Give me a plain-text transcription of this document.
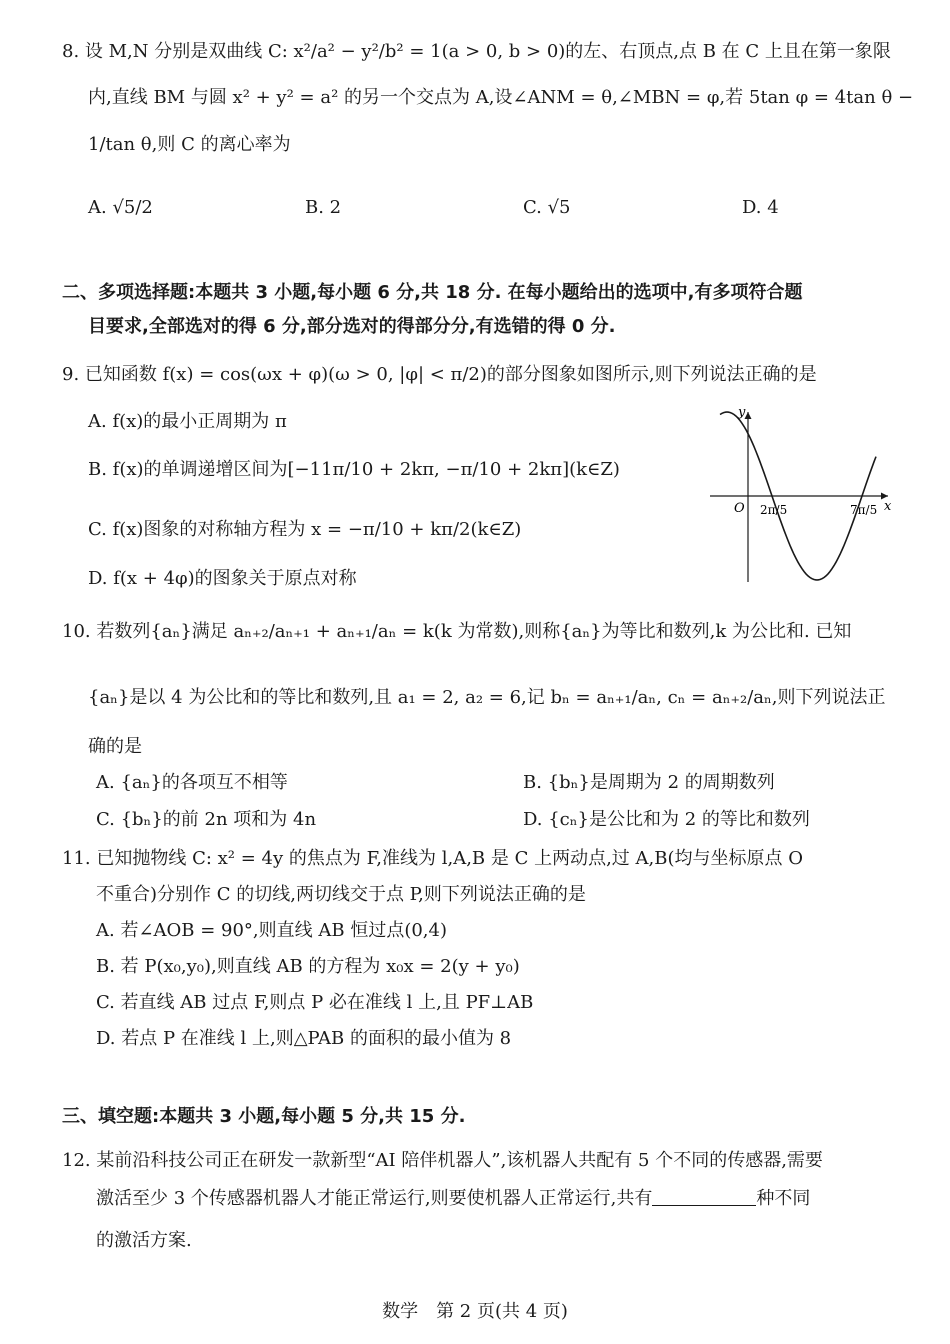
8. 设 M,N 分别是双曲线 C: x²/a² − y²/b² = 1(a > 0, b > 0)的左、右顶点,点 B 在 C 上且在第一象限
内,直线 BM 与圆 x² + y² = a² 的另一个交点为 A,设∠ANM = θ,∠MBN = φ,若 5tan φ = 4tan θ −
1/tan θ,则 C 的离心率为
A. √5/2	B. 2	C. √5	D. 4
二、多项选择题:本题共 3 小题,每小题 6 分,共 18 分. 在每小题给出的选项中,有多项符合题
目要求,全部选对的得 6 分,部分选对的得部分分,有选错的得 0 分.
9. 已知函数 f(x) = cos(ωx + φ)(ω > 0, |φ| < π/2)的部分图象如图所示,则下列说法正确的是
A. f(x)的最小正周期为 π
B. f(x)的单调递增区间为[−11π/10 + 2kπ, −π/10 + 2kπ](k∈Z)
C. f(x)图象的对称轴方程为 x = −π/10 + kπ/2(k∈Z)
D. f(x + 4φ)的图象关于原点对称
y
x
O 2π/5	7π/5
10. 若数列{aₙ}满足 aₙ₊₂/aₙ₊₁ + aₙ₊₁/aₙ = k(k 为常数),则称{aₙ}为等比和数列,k 为公比和. 已知
{aₙ}是以 4 为公比和的等比和数列,且 a₁ = 2, a₂ = 6,记 bₙ = aₙ₊₁/aₙ, cₙ = aₙ₊₂/aₙ,则下列说法正
确的是
A. {aₙ}的各项互不相等	B. {bₙ}是周期为 2 的周期数列
C. {bₙ}的前 2n 项和为 4n	D. {cₙ}是公比和为 2 的等比和数列
11. 已知抛物线 C: x² = 4y 的焦点为 F,准线为 l,A,B 是 C 上两动点,过 A,B(均与坐标原点 O
不重合)分别作 C 的切线,两切线交于点 P,则下列说法正确的是
A. 若∠AOB = 90°,则直线 AB 恒过点(0,4)
B. 若 P(x₀,y₀),则直线 AB 的方程为 x₀x = 2(y + y₀)
C. 若直线 AB 过点 F,则点 P 必在准线 l 上,且 PF⊥AB
D. 若点 P 在准线 l 上,则△PAB 的面积的最小值为 8
三、填空题:本题共 3 小题,每小题 5 分,共 15 分.
12. 某前沿科技公司正在研发一款新型“AI 陪伴机器人”,该机器人共配有 5 个不同的传感器,需要
激活至少 3 个传感器机器人才能正常运行,则要使机器人正常运行,共有	种不同
的激活方案.
数学　第 2 页(共 4 页)
